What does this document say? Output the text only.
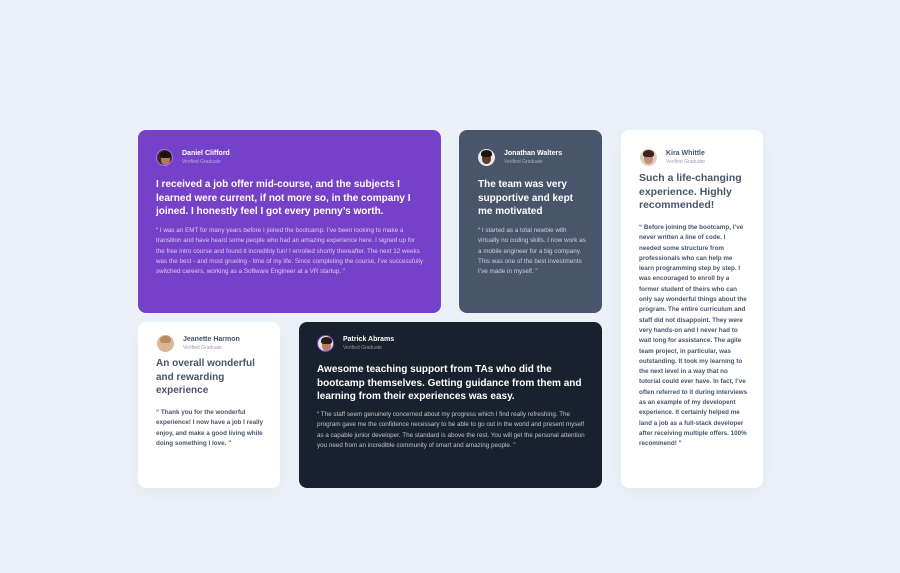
Daniel Clifford
Verified Graduate
I received a job offer mid-course, and the subjects I learned were current, if not more so, in the company I joined. I honestly feel I got every penny’s worth.
“ I was an EMT for many years before I joined the bootcamp. I’ve been looking to make a transition and have heard some people who had an amazing experience here. I signed up for the free intro course and found it incredibly fun! I enrolled shortly thereafter. The next 12 weeks was the best - and most grueling - time of my life. Since completing the course, I’ve successfully switched careers, working as a Software Engineer at a VR startup. ”
Jonathan Walters
Verified Graduate
The team was very supportive and kept me motivated
“ I started as a total newbie with virtually no coding skills. I now work as a mobile engineer for a big company. This was one of the best investments I’ve made in myself. ”
Kira Whittle
Verified Graduate
Such a life-changing experience. Highly recommended!
“ Before joining the bootcamp, I’ve never written a line of code. I needed some structure from professionals who can help me learn programming step by step. I was encouraged to enroll by a former student of theirs who can only say wonderful things about the program. The entire curriculum and staff did not disappoint. They were very hands-on and I never had to wait long for assistance. The agile team project, in particular, was outstanding. It took my learning to the next level in a way that no tutorial could ever have. In fact, I’ve often referred to it during interviews as an example of my developent experience. It certainly helped me land a job as a full-stack developer after receiving multiple offers. 100% recommend! ”
Jeanette Harmon
Verified Graduate
An overall wonderful and rewarding experience
“ Thank you for the wonderful experience! I now have a job I really enjoy, and make a good living while doing something I love. ”
Patrick Abrams
Verified Graduate
Awesome teaching support from TAs who did the bootcamp themselves. Getting guidance from them and learning from their experiences was easy.
“ The staff seem genuinely concerned about my progress which I find really refreshing. The program gave me the confidence necessary to be able to go out in the world and present myself as a capable junior developer. The standard is above the rest. You will get the personal attention you need from an incredible community of smart and amazing people. ”
